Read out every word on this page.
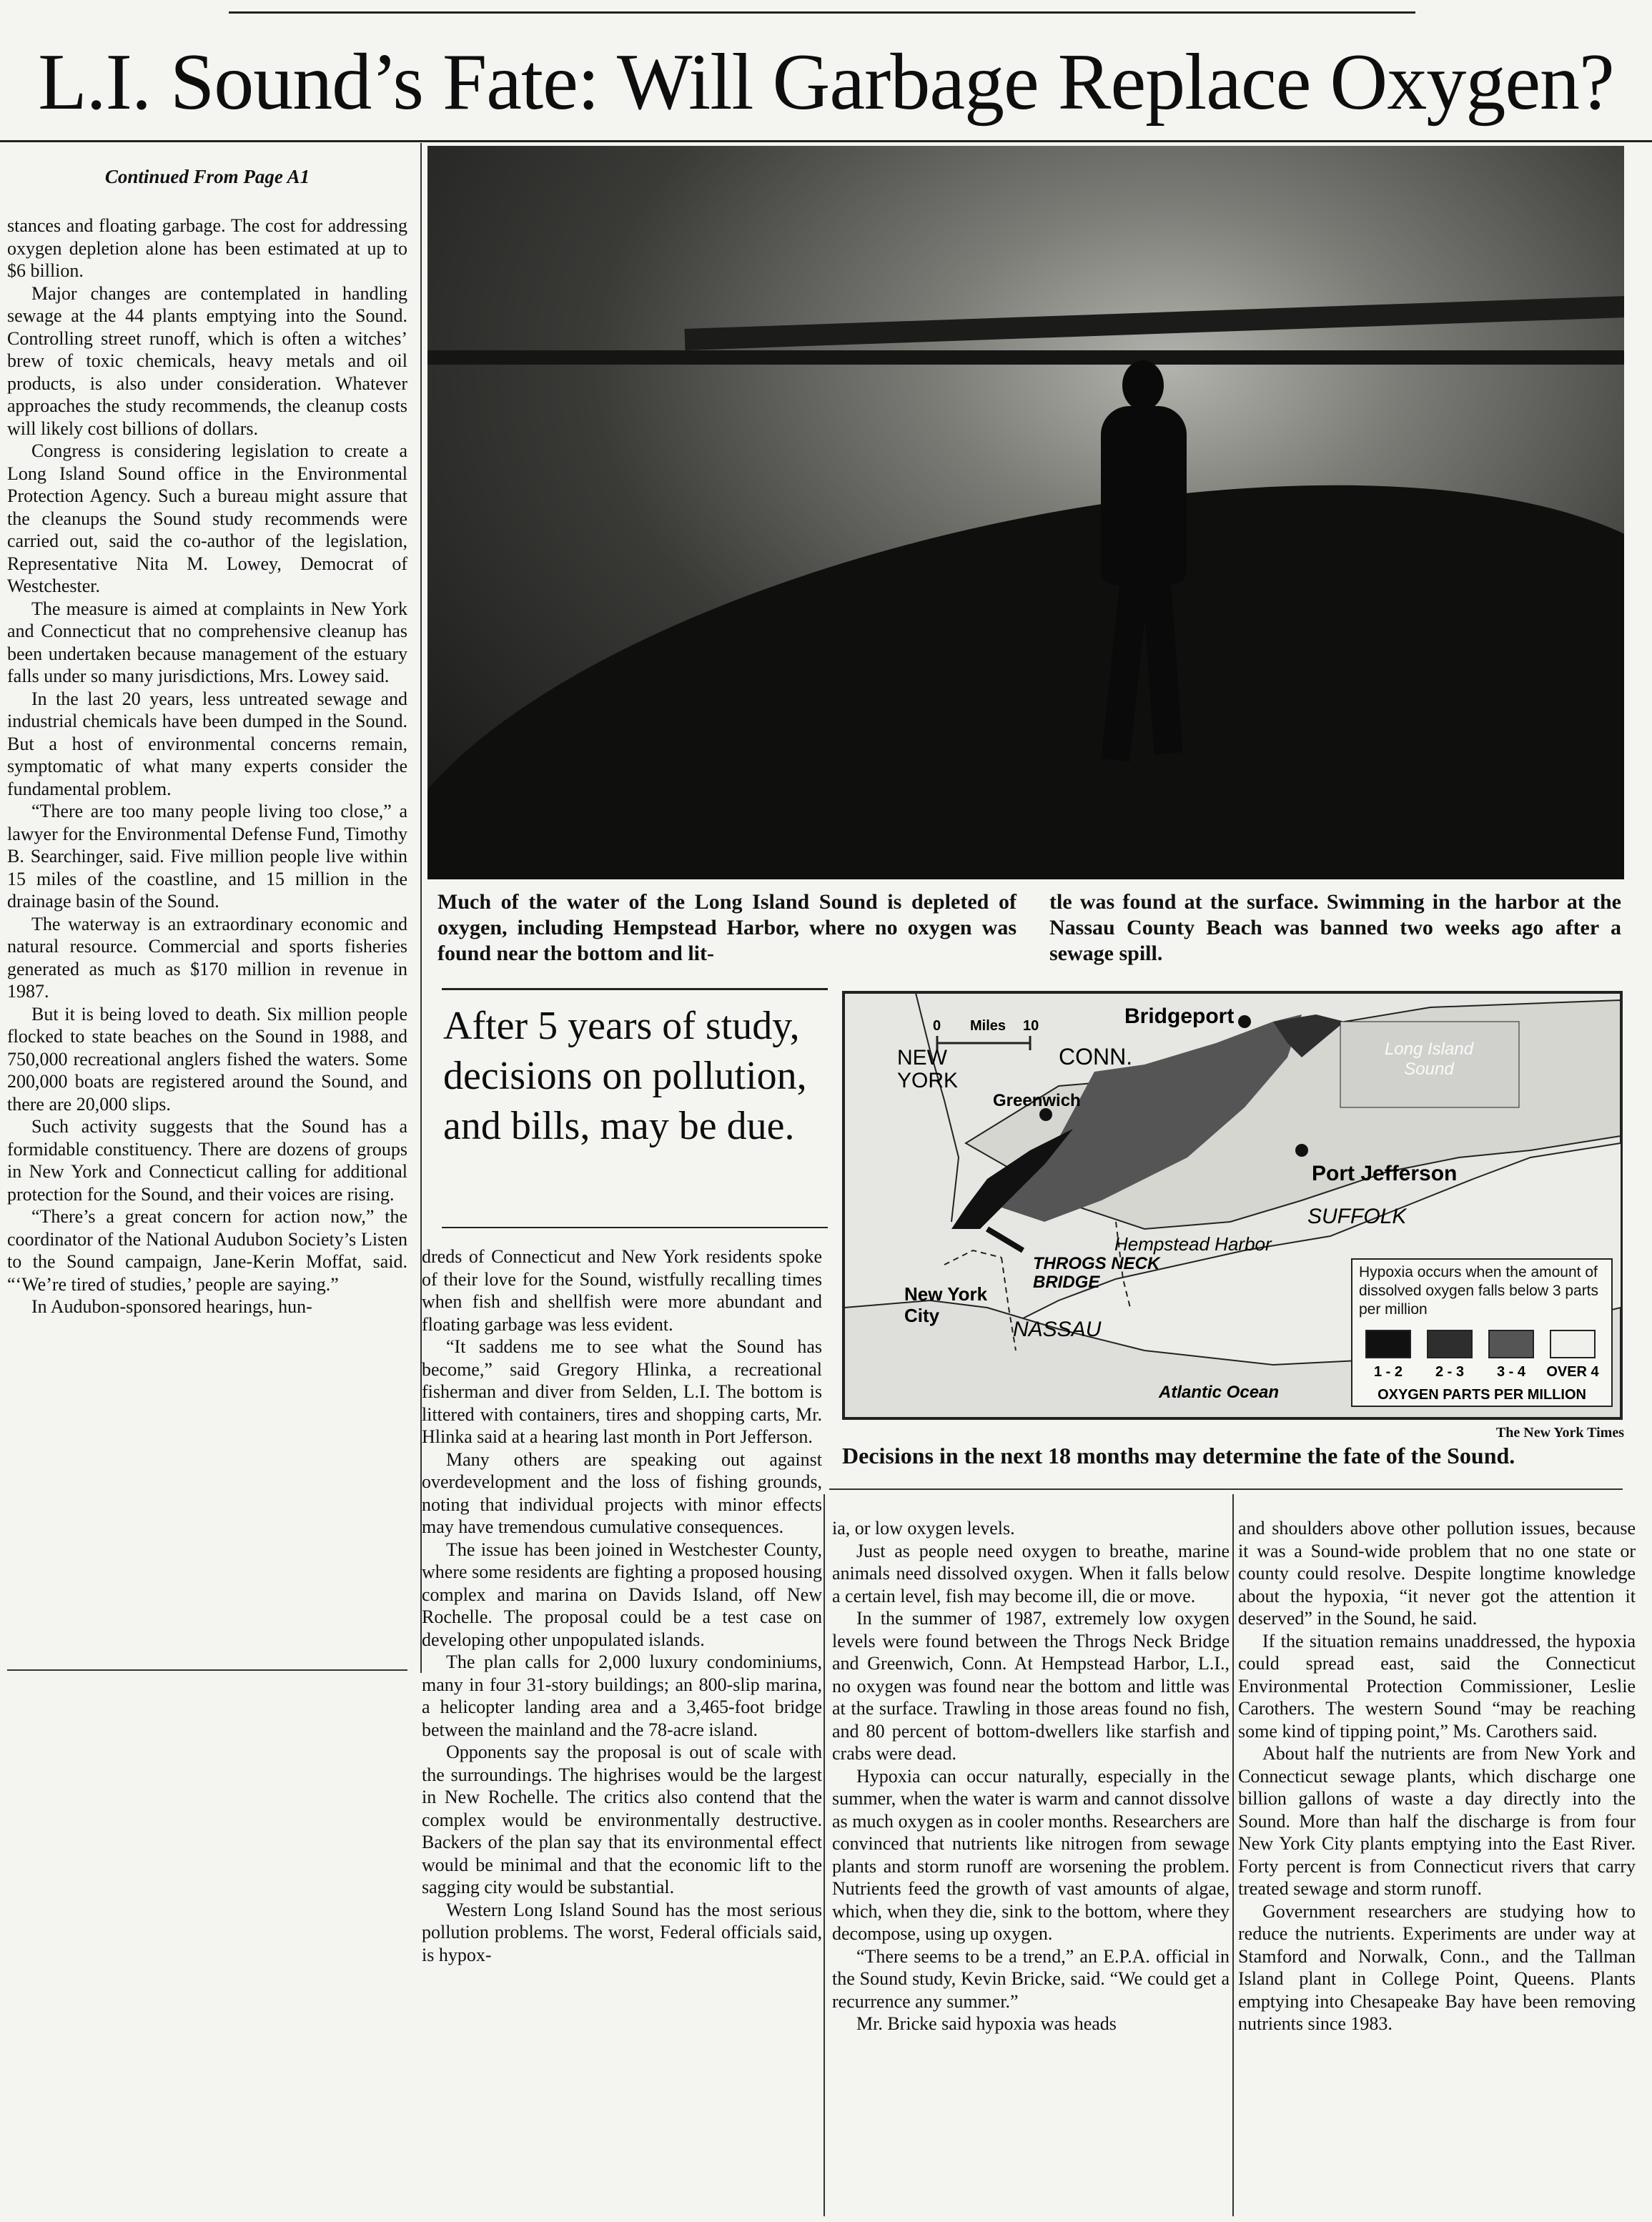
L.I. Sound’s Fate: Will Garbage Replace Oxygen?
Continued From Page A1

stances and floating garbage. The cost for addressing oxygen depletion alone has been estimated at up to $6 billion.

Major changes are contemplated in handling sewage at the 44 plants emptying into the Sound. Controlling street runoff, which is often a witches’ brew of toxic chemicals, heavy metals and oil products, is also under consideration. Whatever approaches the study recommends, the cleanup costs will likely cost billions of dollars.

Congress is considering legislation to create a Long Island Sound office in the Environmental Protection Agency. Such a bureau might assure that the cleanups the Sound study recommends were carried out, said the co-author of the legislation, Representative Nita M. Lowey, Democrat of Westchester.

The measure is aimed at complaints in New York and Connecticut that no comprehensive cleanup has been undertaken because management of the estuary falls under so many jurisdictions, Mrs. Lowey said.

In the last 20 years, less untreated sewage and industrial chemicals have been dumped in the Sound. But a host of environmental concerns remain, symptomatic of what many experts consider the fundamental problem.

“There are too many people living too close,” a lawyer for the Environmental Defense Fund, Timothy B. Searchinger, said. Five million people live within 15 miles of the coastline, and 15 million in the drainage basin of the Sound.

The waterway is an extraordinary economic and natural resource. Commercial and sports fisheries generated as much as $170 million in revenue in 1987.

But it is being loved to death. Six million people flocked to state beaches on the Sound in 1988, and 750,000 recreational anglers fished the waters. Some 200,000 boats are registered around the Sound, and there are 20,000 slips.

Such activity suggests that the Sound has a formidable constituency. There are dozens of groups in New York and Connecticut calling for additional protection for the Sound, and their voices are rising.

“There’s a great concern for action now,” the coordinator of the National Audubon Society’s Listen to the Sound campaign, Jane-Kerin Moffat, said. “‘We’re tired of studies,’ people are saying.”

In Audubon-sponsored hearings, hun-

Much of the water of the Long Island Sound is depleted of oxygen, including Hempstead Harbor, where no oxygen was found near the bottom and lit-
tle was found at the surface. Swimming in the harbor at the Nassau County Beach was banned two weeks ago after a sewage spill.
After 5 years of study, decisions on pollution, and bills, may be due.
0 Miles 10
NEW YORK
CONN.
Bridgeport
Greenwich
Port Jefferson
SUFFOLK
Hempstead Harbor
THROGS NECK BRIDGE
New York City
NASSAU
Atlantic Ocean
Long Island Sound
Hypoxia occurs when the amount of dissolved oxygen falls below 3 parts per million
1 - 2 2 - 3 3 - 4 OVER 4
OXYGEN PARTS PER MILLION
The New York Times
Decisions in the next 18 months may determine the fate of the Sound.

dreds of Connecticut and New York residents spoke of their love for the Sound, wistfully recalling times when fish and shellfish were more abundant and floating garbage was less evident.

“It saddens me to see what the Sound has become,” said Gregory Hlinka, a recreational fisherman and diver from Selden, L.I. The bottom is littered with containers, tires and shopping carts, Mr. Hlinka said at a hearing last month in Port Jefferson.

Many others are speaking out against overdevelopment and the loss of fishing grounds, noting that individual projects with minor effects may have tremendous cumulative consequences.

The issue has been joined in Westchester County, where some residents are fighting a proposed housing complex and marina on Davids Island, off New Rochelle. The proposal could be a test case on developing other unpopulated islands.

The plan calls for 2,000 luxury condominiums, many in four 31-story buildings; an 800-slip marina, a helicopter landing area and a 3,465-foot bridge between the mainland and the 78-acre island.

Opponents say the proposal is out of scale with the surroundings. The highrises would be the largest in New Rochelle. The critics also contend that the complex would be environmentally destructive. Backers of the plan say that its environmental effect would be minimal and that the economic lift to the sagging city would be substantial.

Western Long Island Sound has the most serious pollution problems. The worst, Federal officials said, is hypox-

ia, or low oxygen levels.

Just as people need oxygen to breathe, marine animals need dissolved oxygen. When it falls below a certain level, fish may become ill, die or move.

In the summer of 1987, extremely low oxygen levels were found between the Throgs Neck Bridge and Greenwich, Conn. At Hempstead Harbor, L.I., no oxygen was found near the bottom and little was at the surface. Trawling in those areas found no fish, and 80 percent of bottom-dwellers like starfish and crabs were dead.

Hypoxia can occur naturally, especially in the summer, when the water is warm and cannot dissolve as much oxygen as in cooler months. Researchers are convinced that nutrients like nitrogen from sewage plants and storm runoff are worsening the problem. Nutrients feed the growth of vast amounts of algae, which, when they die, sink to the bottom, where they decompose, using up oxygen.

“There seems to be a trend,” an E.P.A. official in the Sound study, Kevin Bricke, said. “We could get a recurrence any summer.”

Mr. Bricke said hypoxia was heads

and shoulders above other pollution issues, because it was a Sound-wide problem that no one state or county could resolve. Despite longtime knowledge about the hypoxia, “it never got the attention it deserved” in the Sound, he said.

If the situation remains unaddressed, the hypoxia could spread east, said the Connecticut Environmental Protection Commissioner, Leslie Carothers. The western Sound “may be reaching some kind of tipping point,” Ms. Carothers said.

About half the nutrients are from New York and Connecticut sewage plants, which discharge one billion gallons of waste a day directly into the Sound. More than half the discharge is from four New York City plants emptying into the East River. Forty percent is from Connecticut rivers that carry treated sewage and storm runoff.

Government researchers are studying how to reduce the nutrients. Experiments are under way at Stamford and Norwalk, Conn., and the Tallman Island plant in College Point, Queens. Plants emptying into Chesapeake Bay have been removing nutrients since 1983.
